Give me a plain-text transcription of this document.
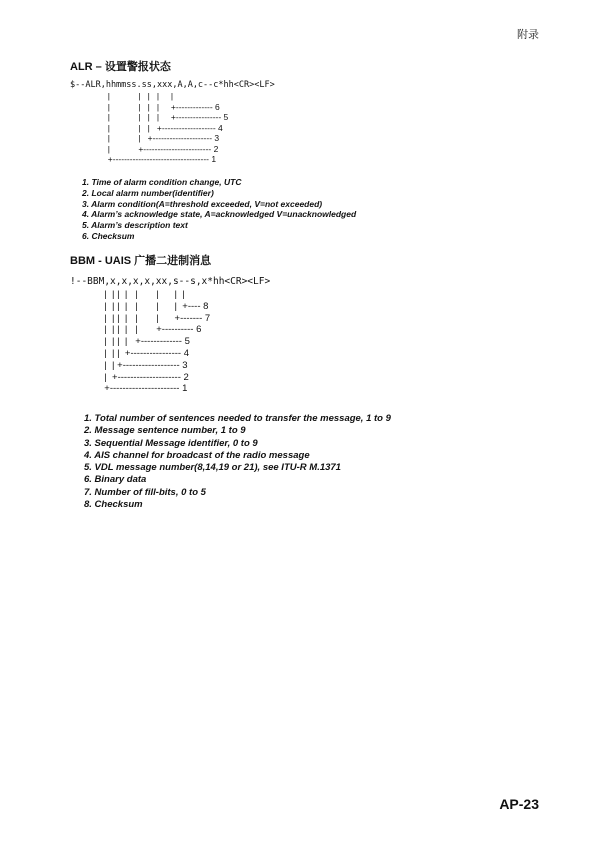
附录
ALR – 设置警报状态
$--ALR,hhmmss.ss,xxx,A,A,c--c*hh<CR><LF>
|            |   |   |     |
|            |   |   |     +------------- 6
|            |   |   |     +---------------- 5
|            |   |   +------------------- 4
|            |   +--------------------- 3
|            +------------------------ 2
+---------------------------------- 1
1. Time of alarm condition change, UTC
2. Local alarm number(identifier)
3. Alarm condition(A=threshold exceeded, V=not exceeded)
4. Alarm’s acknowledge state, A=acknowledged V=unacknowledged
5. Alarm’s description text
6. Checksum
BBM - UAIS 广播二进制消息
!--BBM,x,x,x,x,xx,s--s,x*hh<CR><LF>
|  | |  |   |       |      |  |
|  | |  |   |       |      |  +---- 8
|  | |  |   |       |      +------- 7
|  | |  |   |       +---------- 6
|  | |  |   +------------- 5
|  | |  +---------------- 4
|  | +------------------ 3
|  +-------------------- 2
+---------------------- 1
1. Total number of sentences needed to transfer the message, 1 to 9
2. Message sentence number, 1 to 9
3. Sequential Message identifier, 0 to 9
4. AIS channel for broadcast of the radio message
5. VDL message number(8,14,19 or 21), see ITU-R M.1371
6. Binary data
7. Number of fill-bits, 0 to 5
8. Checksum
AP-23
